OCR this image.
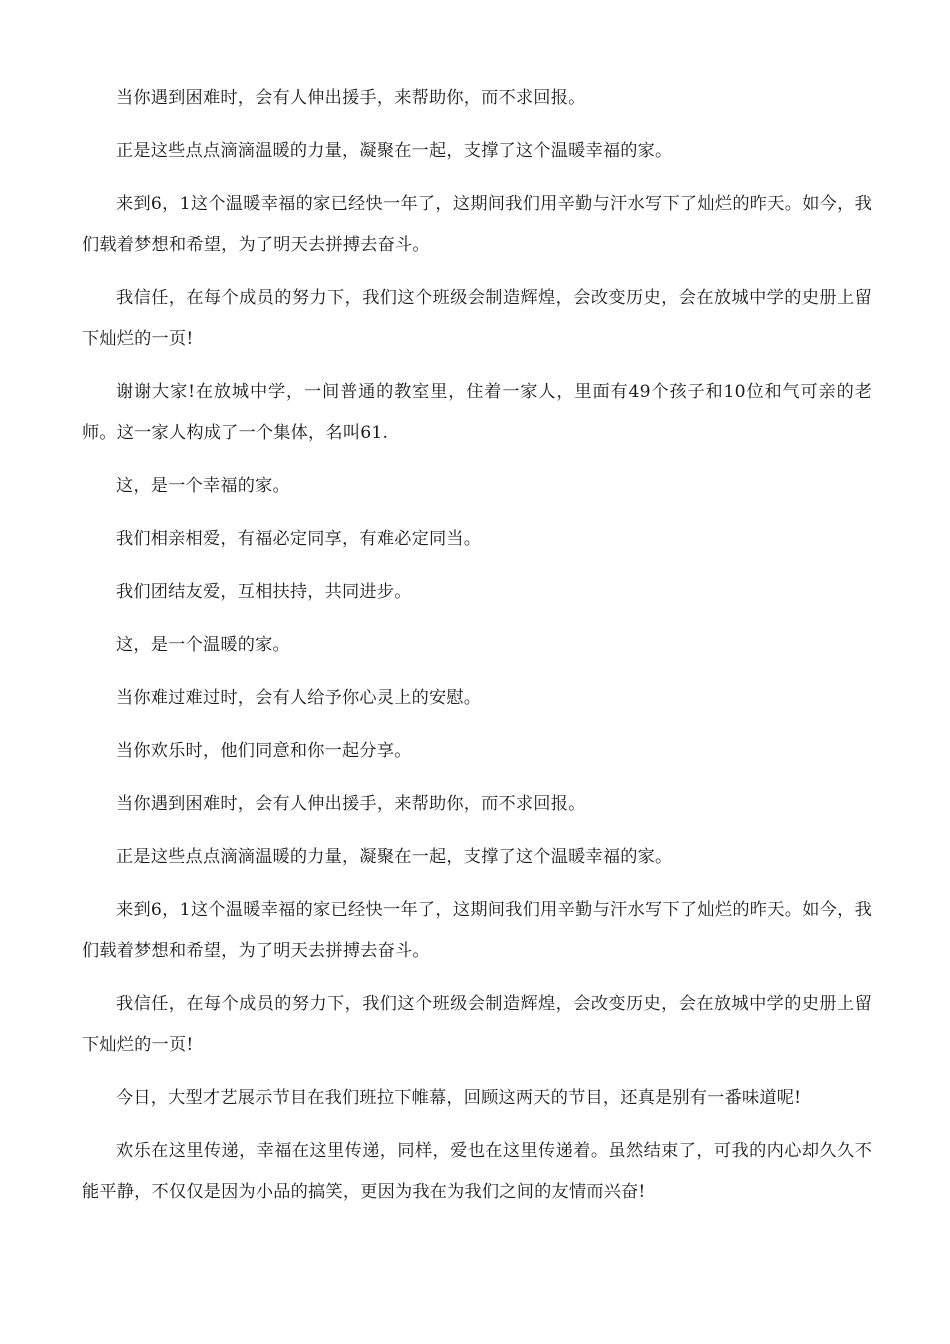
当你遇到困难时，会有人伸出援手，来帮助你，而不求回报。

正是这些点点滴滴温暖的力量，凝聚在一起，支撑了这个温暖幸福的家。

来到6，1这个温暖幸福的家已经快一年了，这期间我们用辛勤与汗水写下了灿烂的昨天。如今，我们载着梦想和希望，为了明天去拼搏去奋斗。

我信任，在每个成员的努力下，我们这个班级会制造辉煌，会改变历史，会在放城中学的史册上留下灿烂的一页!

谢谢大家!在放城中学，一间普通的教室里，住着一家人，里面有49个孩子和10位和气可亲的老师。这一家人构成了一个集体，名叫61.

这，是一个幸福的家。

我们相亲相爱，有福必定同享，有难必定同当。

我们团结友爱，互相扶持，共同进步。

这，是一个温暖的家。

当你难过难过时，会有人给予你心灵上的安慰。

当你欢乐时，他们同意和你一起分享。

当你遇到困难时，会有人伸出援手，来帮助你，而不求回报。

正是这些点点滴滴温暖的力量，凝聚在一起，支撑了这个温暖幸福的家。

来到6，1这个温暖幸福的家已经快一年了，这期间我们用辛勤与汗水写下了灿烂的昨天。如今，我们载着梦想和希望，为了明天去拼搏去奋斗。

我信任，在每个成员的努力下，我们这个班级会制造辉煌，会改变历史，会在放城中学的史册上留下灿烂的一页!

今日，大型才艺展示节目在我们班拉下帷幕，回顾这两天的节目，还真是别有一番味道呢!

欢乐在这里传递，幸福在这里传递，同样，爱也在这里传递着。虽然结束了，可我的内心却久久不能平静，不仅仅是因为小品的搞笑，更因为我在为我们之间的友情而兴奋!
